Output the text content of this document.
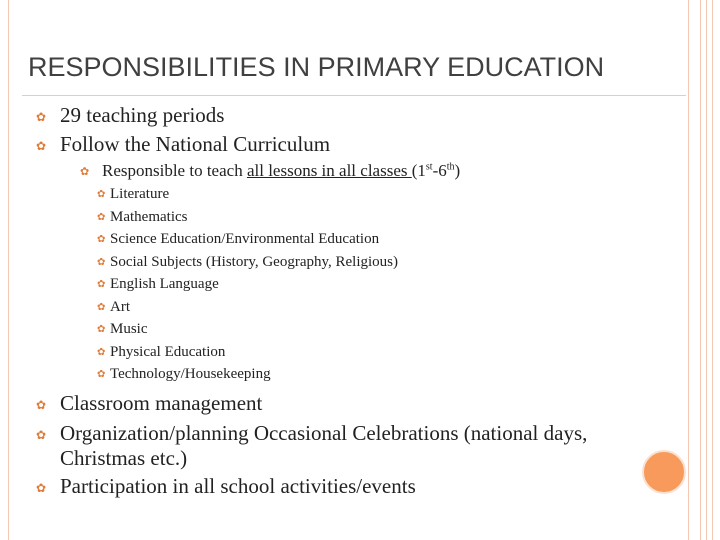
RESPONSIBILITIES IN PRIMARY EDUCATION
✿ 29 teaching periods
✿ Follow the National Curriculum
✿ Responsible to teach all lessons in all classes (1st-6th)
✿ Literature
✿ Mathematics
✿ Science Education/Environmental Education
✿ Social Subjects (History, Geography, Religious)
✿ English Language
✿ Art
✿ Music
✿ Physical Education
✿ Technology/Housekeeping
✿ Classroom management
✿ Organization/planning Occasional Celebrations (national days,
Christmas etc.)
✿ Participation in all school activities/events
